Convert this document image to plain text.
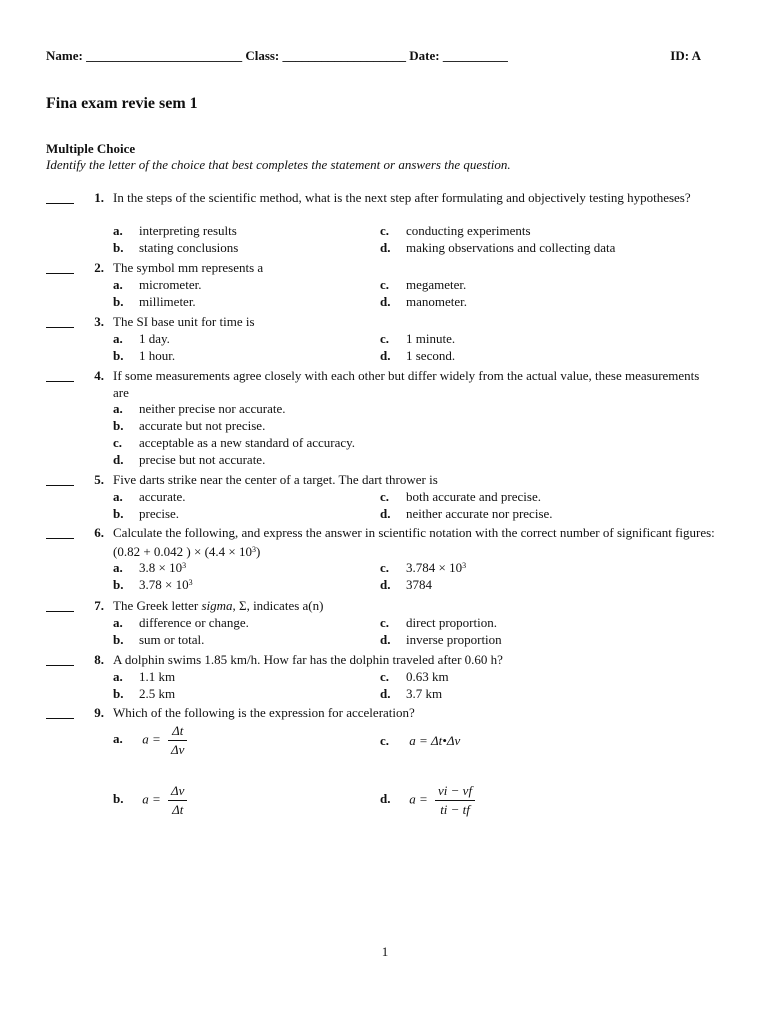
Name: ________________________ Class: ___________________ Date: __________	ID: A
Fina exam revie sem 1
Multiple Choice
Identify the letter of the choice that best completes the statement or answers the question.
1. In the steps of the scientific method, what is the next step after formulating and objectively testing hypotheses?
a. interpreting results	c. conducting experiments
b. stating conclusions	d. making observations and collecting data
2. The symbol mm represents a
a. micrometer.	c. megameter.
b. millimeter.	d. manometer.
3. The SI base unit for time is
a. 1 day.	c. 1 minute.
b. 1 hour.	d. 1 second.
4. If some measurements agree closely with each other but differ widely from the actual value, these measurements are
a. neither precise nor accurate.
b. accurate but not precise.
c. acceptable as a new standard of accuracy.
d. precise but not accurate.
5. Five darts strike near the center of a target. The dart thrower is
a. accurate.	c. both accurate and precise.
b. precise.	d. neither accurate nor precise.
6. Calculate the following, and express the answer in scientific notation with the correct number of significant figures: (0.82 + 0.042 ) × $(4.4 \times 10^3)$
a. $3.8 \times 10^3$	c. $3.784 \times 10^3$
b. $3.78 \times 10^3$	d. 3784
7. The Greek letter sigma, Σ, indicates a(n)
a. difference or change.	c. direct proportion.
b. sum or total.	d. inverse proportion
8. A dolphin swims 1.85 km/h. How far has the dolphin traveled after 0.60 h?
a. 1.1 km	c. 0.63 km
b. 2.5 km	d. 3.7 km
9. Which of the following is the expression for acceleration?
a. $a = \frac{\Delta t}{\Delta v}$	c. a = Δt•Δv
b. $a = \frac{\Delta v}{\Delta t}$	d. $a = \frac{vi - vf}{ti - tf}$
1
